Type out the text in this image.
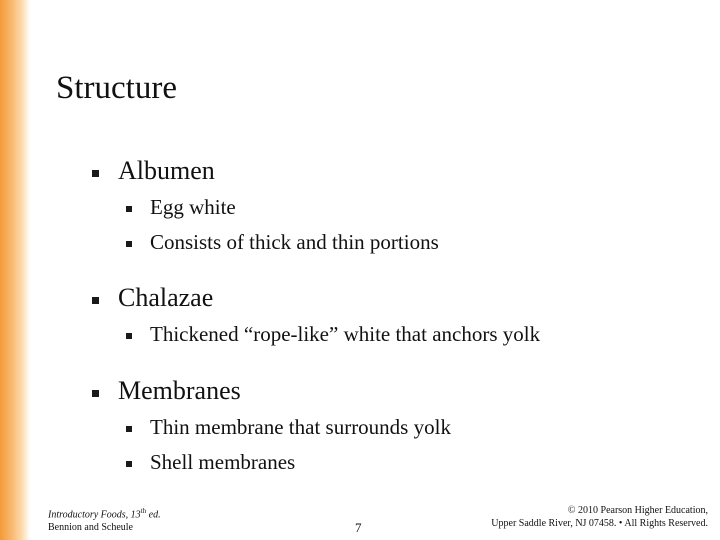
Structure
Albumen
Egg white
Consists of thick and thin portions
Chalazae
Thickened “rope-like” white that anchors yolk
Membranes
Thin membrane that surrounds yolk
Shell membranes
Introductory Foods, 13th ed.
Bennion and Scheule	7
© 2010 Pearson Higher Education,
Upper Saddle River, NJ 07458. • All Rights Reserved.
